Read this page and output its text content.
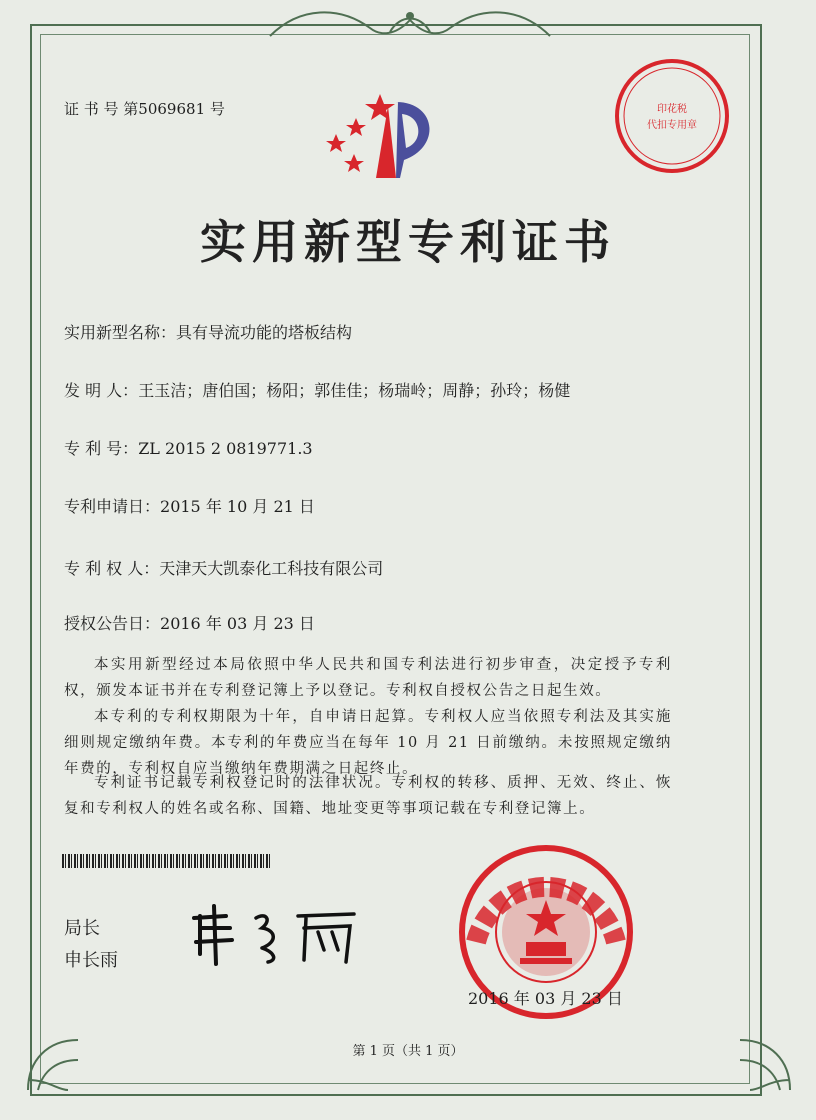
证 书 号 第5069681 号	印花税
代扣专用章
实用新型专利证书
实用新型名称：具有导流功能的塔板结构
发 明 人：王玉洁；唐伯国；杨阳；郭佳佳；杨瑞岭；周静；孙玲；杨健
专 利 号：ZL 2015 2 0819771.3
专利申请日：2015 年 10 月 21 日
专 利 权 人：天津天大凯泰化工科技有限公司
授权公告日：2016 年 03 月 23 日

本实用新型经过本局依照中华人民共和国专利法进行初步审查，决定授予专利权，颁发本证书并在专利登记簿上予以登记。专利权自授权公告之日起生效。

本专利的专利权期限为十年，自申请日起算。专利权人应当依照专利法及其实施细则规定缴纳年费。本专利的年费应当在每年 10 月 21 日前缴纳。未按照规定缴纳年费的，专利权自应当缴纳年费期满之日起终止。

专利证书记载专利权登记时的法律状况。专利权的转移、质押、无效、终止、恢复和专利权人的姓名或名称、国籍、地址变更等事项记载在专利登记簿上。

局长
申长雨
2016 年 03 月 23 日
第 1 页（共 1 页）
